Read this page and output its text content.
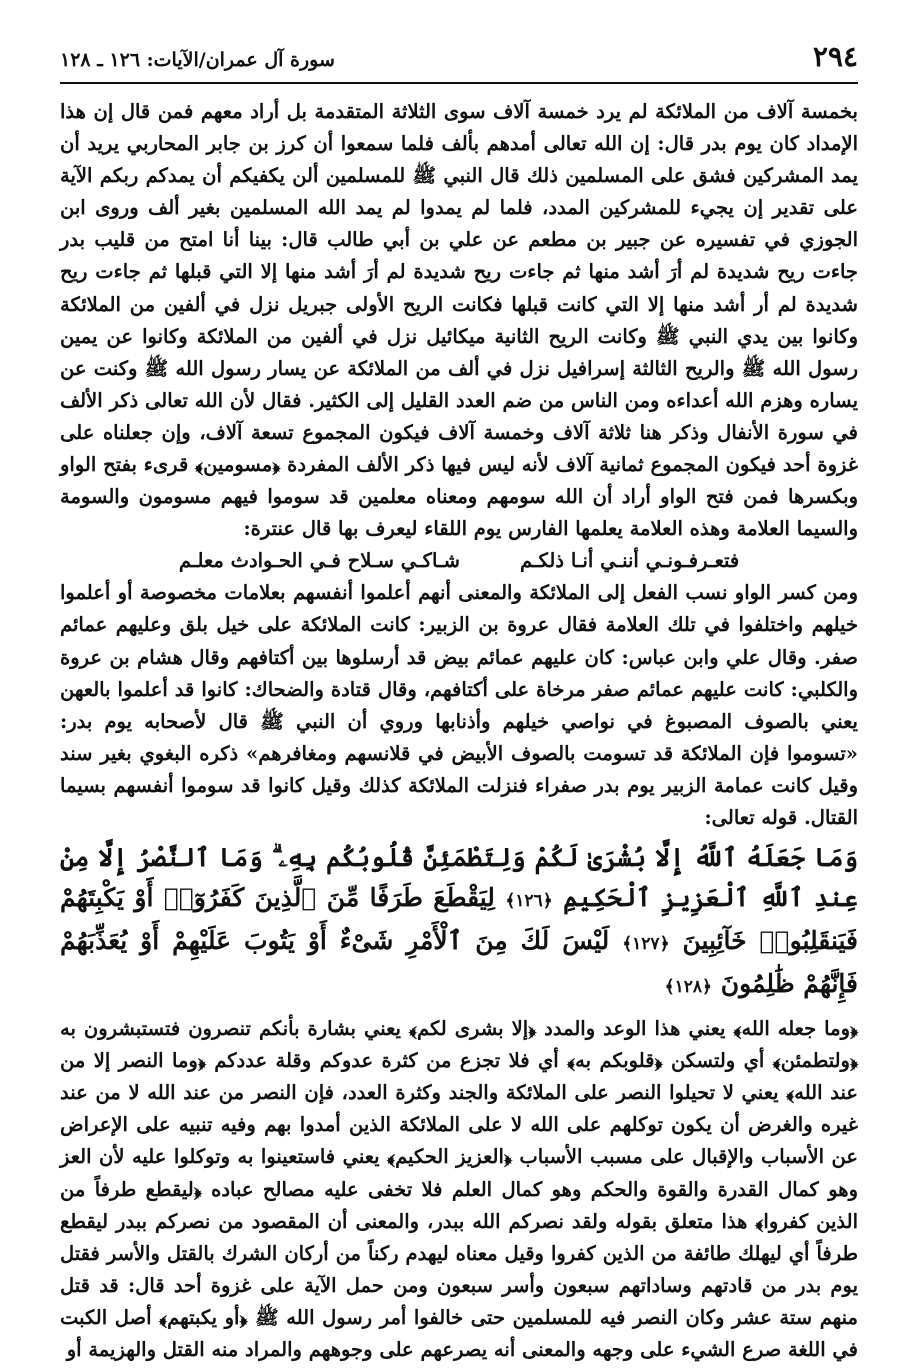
٢٩٤
سورة آل عمران/الآيات: ١٢٦ ـ ١٢٨

بخمسة آلاف من الملائكة لم يرد خمسة آلاف سوى الثلاثة المتقدمة بل أراد معهم فمن قال إن هذا الإمداد كان يوم بدر قال: إن الله تعالى أمدهم بألف فلما سمعوا أن كرز بن جابر المحاربي يريد أن يمد المشركين فشق على المسلمين ذلك قال النبي ﷺ للمسلمين ألن يكفيكم أن يمدكم ربكم الآية على تقدير إن يجيء للمشركين المدد، فلما لم يمدوا لم يمد الله المسلمين بغير ألف وروى ابن الجوزي في تفسيره عن جبير بن مطعم عن علي بن أبي طالب قال: بينا أنا امتح من قليب بدر جاءت ريح شديدة لم أرَ أشد منها ثم جاءت ريح شديدة لم أرَ أشد منها إلا التي قبلها ثم جاءت ريح شديدة لم أر أشد منها إلا التي كانت قبلها فكانت الريح الأولى جبريل نزل في ألفين من الملائكة وكانوا بين يدي النبي ﷺ وكانت الريح الثانية ميكائيل نزل في ألفين من الملائكة وكانوا عن يمين رسول الله ﷺ والريح الثالثة إسرافيل نزل في ألف من الملائكة عن يسار رسول الله ﷺ وكنت عن يساره وهزم الله أعداءه ومن الناس من ضم العدد القليل إلى الكثير. فقال لأن الله تعالى ذكر الألف في سورة الأنفال وذكر هنا ثلاثة آلاف وخمسة آلاف فيكون المجموع تسعة آلاف، وإن جعلناه على غزوة أحد فيكون المجموع ثمانية آلاف لأنه ليس فيها ذكر الألف المفردة ﴿مسومين﴾ قرىء بفتح الواو وبكسرها فمن فتح الواو أراد أن الله سومهم ومعناه معلمين قد سوموا فيهم مسومون والسومة والسيما العلامة وهذه العلامة يعلمها الفارس يوم اللقاء ليعرف بها قال عنترة:

فتعـرفـونـي أننـي أنـا ذلكـم
شـاكـي سـلاح فـي الحـوادث معلـم

ومن كسر الواو نسب الفعل إلى الملائكة والمعنى أنهم أعلموا أنفسهم بعلامات مخصوصة أو أعلموا خيلهم واختلفوا في تلك العلامة فقال عروة بن الزبير: كانت الملائكة على خيل بلق وعليهم عمائم صفر. وقال علي وابن عباس: كان عليهم عمائم بيض قد أرسلوها بين أكتافهم وقال هشام بن عروة والكلبي: كانت عليهم عمائم صفر مرخاة على أكتافهم، وقال قتادة والضحاك: كانوا قد أعلموا بالعهن يعني بالصوف المصبوغ في نواصي خيلهم وأذنابها وروي أن النبي ﷺ قال لأصحابه يوم بدر: «تسوموا فإن الملائكة قد تسومت بالصوف الأبيض في قلانسهم ومغافرهم» ذكره البغوي بغير سند وقيل كانت عمامة الزبير يوم بدر صفراء فنزلت الملائكة كذلك وقيل كانوا قد سوموا أنفسهم بسيما القتال. قوله تعالى:

وَمَا جَعَلَهُ ٱللَّهُ إِلَّا بُشْرَىٰ لَكُمْ وَلِتَطْمَئِنَّ قُلُوبُكُم بِهِۦ ۗ وَمَا ٱلنَّصْرُ إِلَّا مِنْ عِندِ ٱللَّهِ ٱلْعَزِيزِ ٱلْحَكِيمِ ﴿١٢٦﴾ لِيَقْطَعَ طَرَفًا مِّنَ ٱلَّذِينَ كَفَرُوٓا۟ أَوْ يَكْبِتَهُمْ فَيَنقَلِبُوا۟ خَآئِبِينَ ﴿١٢٧﴾ لَيْسَ لَكَ مِنَ ٱلْأَمْرِ شَىْءٌ أَوْ يَتُوبَ عَلَيْهِمْ أَوْ يُعَذِّبَهُمْ فَإِنَّهُمْ ظَٰلِمُونَ ﴿١٢٨﴾

﴿وما جعله الله﴾ يعني هذا الوعد والمدد ﴿إلا بشرى لكم﴾ يعني بشارة بأنكم تنصرون فتستبشرون به ﴿ولتطمئن﴾ أي ولتسكن ﴿قلوبكم به﴾ أي فلا تجزع من كثرة عدوكم وقلة عددكم ﴿وما النصر إلا من عند الله﴾ يعني لا تحيلوا النصر على الملائكة والجند وكثرة العدد، فإن النصر من عند الله لا من عند غيره والغرض أن يكون توكلهم على الله لا على الملائكة الذين أمدوا بهم وفيه تنبيه على الإعراض عن الأسباب والإقبال على مسبب الأسباب ﴿العزيز الحكيم﴾ يعني فاستعينوا به وتوكلوا عليه لأن العز وهو كمال القدرة والقوة والحكم وهو كمال العلم فلا تخفى عليه مصالح عباده ﴿ليقطع طرفاً من الذين كفروا﴾ هذا متعلق بقوله ولقد نصركم الله ببدر، والمعنى أن المقصود من نصركم ببدر ليقطع طرفاً أي ليهلك طائفة من الذين كفروا وقيل معناه ليهدم ركناً من أركان الشرك بالقتل والأسر فقتل يوم بدر من قادتهم وساداتهم سبعون وأسر سبعون ومن حمل الآية على غزوة أحد قال: قد قتل منهم ستة عشر وكان النصر فيه للمسلمين حتى خالفوا أمر رسول الله ﷺ ﴿أو يكبتهم﴾ أصل الكبت في اللغة صرع الشيء على وجهه والمعنى أنه يصرعهم على وجوههم والمراد منه القتل والهزيمة أو
